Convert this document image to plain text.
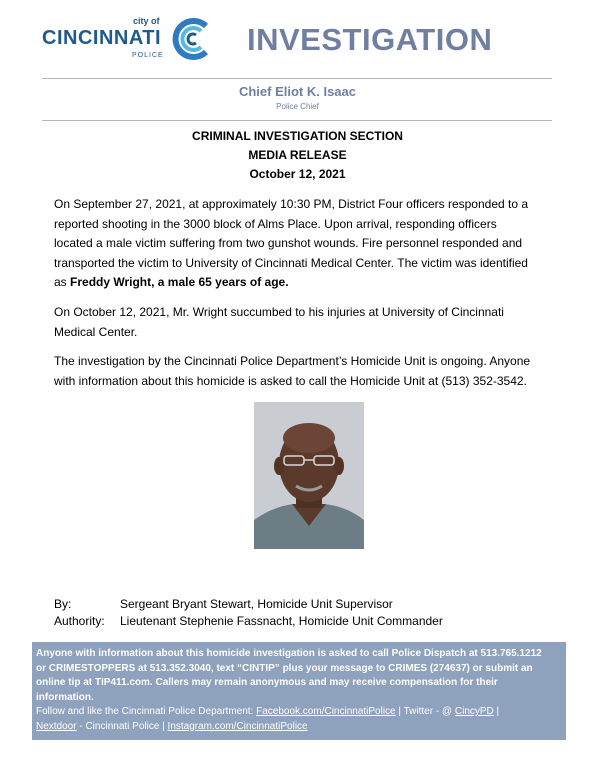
city of
CINCINNATI
POLICE	INVESTIGATION
Chief Eliot K. Isaac
Police Chief
CRIMINAL INVESTIGATION SECTION
MEDIA RELEASE
October 12, 2021
On September 27, 2021, at approximately 10:30 PM, District Four officers responded to a
reported shooting in the 3000 block of Alms Place. Upon arrival, responding officers
located a male victim suffering from two gunshot wounds. Fire personnel responded and
transported the victim to University of Cincinnati Medical Center. The victim was identified
as Freddy Wright, a male 65 years of age.
On October 12, 2021, Mr. Wright succumbed to his injuries at University of Cincinnati
Medical Center.
The investigation by the Cincinnati Police Department’s Homicide Unit is ongoing. Anyone
with information about this homicide is asked to call the Homicide Unit at (513) 352-3542.
By:	Sergeant Bryant Stewart, Homicide Unit Supervisor
Authority: Lieutenant Stephenie Fassnacht, Homicide Unit Commander
Anyone with information about this homicide investigation is asked to call Police Dispatch at 513.765.1212
or CRIMESTOPPERS at 513.352.3040, text “CINTIP” plus your message to CRIMES (274637) or submit an
online tip at TIP411.com. Callers may remain anonymous and may receive compensation for their
information.
Follow and like the Cincinnati Police Department: Facebook.com/CincinnatiPolice | Twitter - @ CincyPD |
Nextdoor - Cincinnati Police | Instagram.com/CincinnatiPolice
